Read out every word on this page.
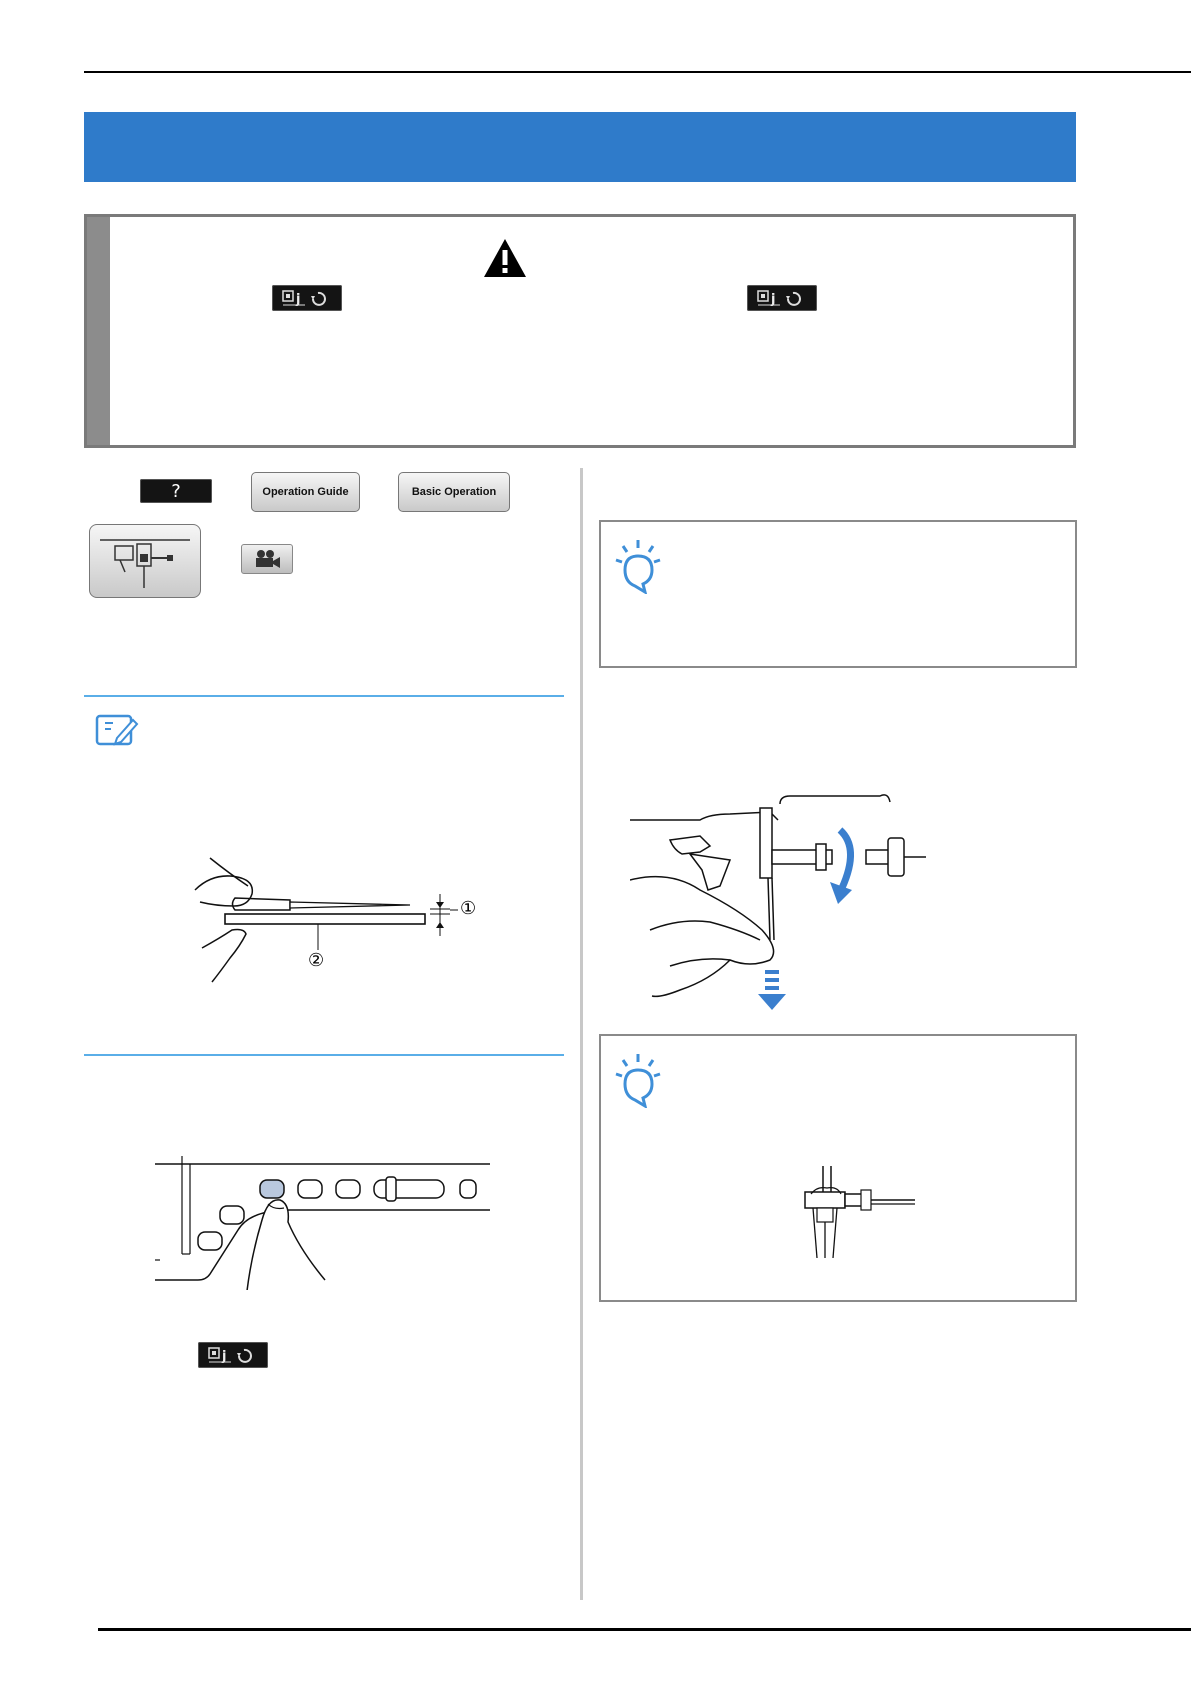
j	j
?	Operation Guide	Basic Operation
①
②
j
